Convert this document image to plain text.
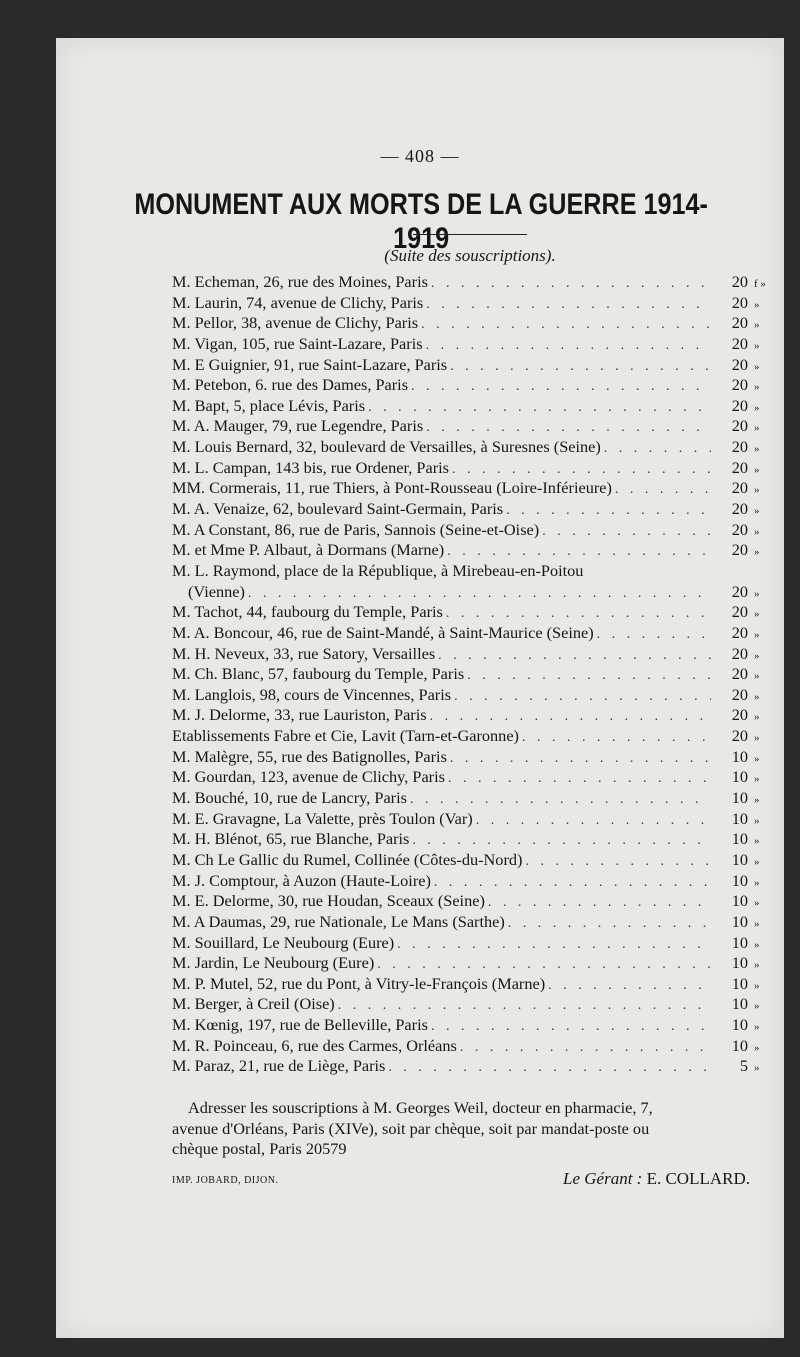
— 408 —
MONUMENT AUX MORTS DE LA GUERRE 1914-1919
(Suite des souscriptions).
M. Echeman, 26, rue des Moines, Paris . . .	20 f »
M. Laurin, 74, avenue de Clichy, Paris . . .	20 »
M. Pellor, 38, avenue de Clichy, Paris . . .	20 »
M. Vigan, 105, rue Saint-Lazare, Paris . . .	20 »
M. E Guignier, 91, rue Saint-Lazare, Paris . . .	20 »
M. Petebon, 6. rue des Dames, Paris . . .	20 »
M. Bapt, 5, place Lévis, Paris . . .	20 »
M. A. Mauger, 79, rue Legendre, Paris . . .	20 »
M. Louis Bernard, 32, boulevard de Versailles, à Suresnes (Seine) . . .	20 »
M. L. Campan, 143 bis, rue Ordener, Paris . . .	20 »
MM. Cormerais, 11, rue Thiers, à Pont-Rousseau (Loire-Inférieure) . . .	20 »
M. A. Venaize, 62, boulevard Saint-Germain, Paris . . .	20 »
M. A Constant, 86, rue de Paris, Sannois (Seine-et-Oise) . . .	20 »
M. et Mme P. Albaut, à Dormans (Marne) . . .	20 »
M. L. Raymond, place de la République, à Mirebeau-en-Poitou
(Vienne) . . .	20 »
M. Tachot, 44, faubourg du Temple, Paris . . .	20 »
M. A. Boncour, 46, rue de Saint-Mandé, à Saint-Maurice (Seine) . . .	20 »
M. H. Neveux, 33, rue Satory, Versailles . . .	20 »
M. Ch. Blanc, 57, faubourg du Temple, Paris . . .	20 »
M. Langlois, 98, cours de Vincennes, Paris . . .	20 »
M. J. Delorme, 33, rue Lauriston, Paris . . .	20 »
Etablissements Fabre et Cie, Lavit (Tarn-et-Garonne) . . .	20 »
M. Malègre, 55, rue des Batignolles, Paris . . .	10 »
M. Gourdan, 123, avenue de Clichy, Paris . . .	10 »
M. Bouché, 10, rue de Lancry, Paris . . .	10 »
M. E. Gravagne, La Valette, près Toulon (Var) . . .	10 »
M. H. Blénot, 65, rue Blanche, Paris . . .	10 »
M. Ch Le Gallic du Rumel, Collinée (Côtes-du-Nord) . . .	10 »
M. J. Comptour, à Auzon (Haute-Loire) . . .	10 »
M. E. Delorme, 30, rue Houdan, Sceaux (Seine) . . .	10 »
M. A Daumas, 29, rue Nationale, Le Mans (Sarthe) . . .	10 »
M. Souillard, Le Neubourg (Eure) . . .	10 »
M. Jardin, Le Neubourg (Eure) . . .	10 »
M. P. Mutel, 52, rue du Pont, à Vitry-le-François (Marne) . . .	10 »
M. Berger, à Creil (Oise) . . .	10 »
M. Kœnig, 197, rue de Belleville, Paris . . .	10 »
M. R. Poinceau, 6, rue des Carmes, Orléans . . .	10 »
M. Paraz, 21, rue de Liège, Paris . . .	5 »
Adresser les souscriptions à M. Georges Weil, docteur en pharmacie, 7,
avenue d'Orléans, Paris (XIVe), soit par chèque, soit par mandat-poste ou
chèque postal, Paris 20579
IMP. JOBARD, DIJON.	Le Gérant : E. COLLARD.
